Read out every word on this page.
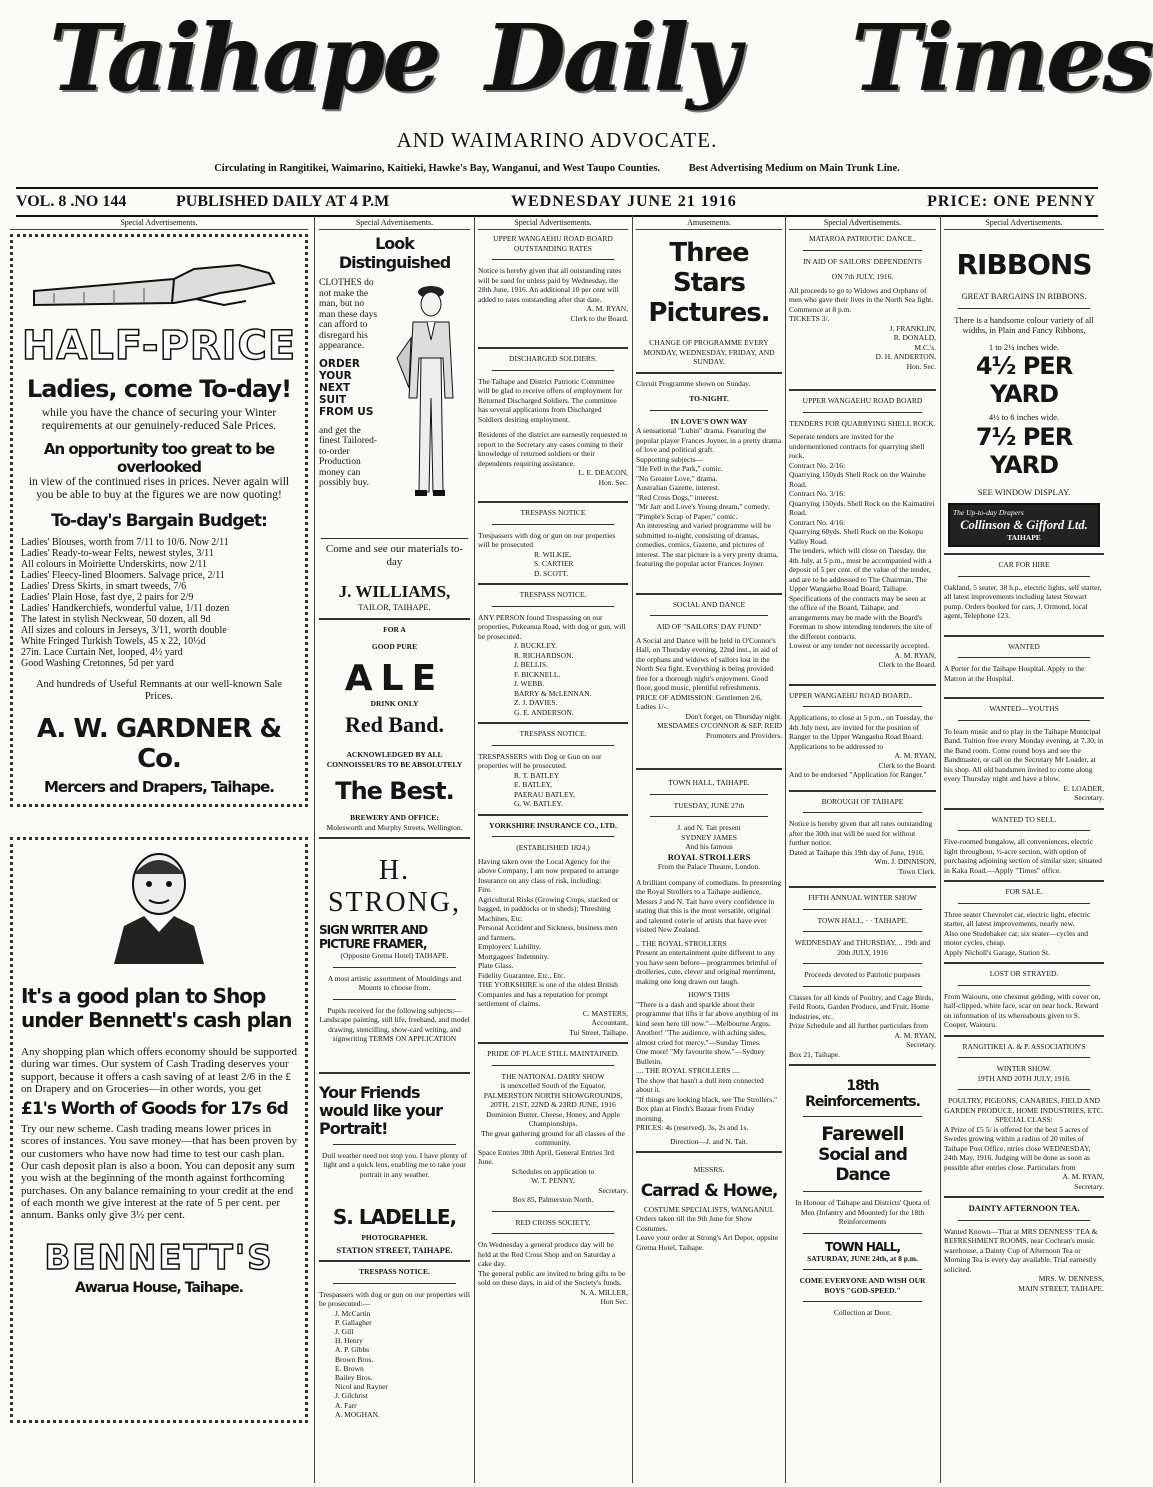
Taihape Daily Times
AND WAIMARINO ADVOCATE.
Circulating in Rangitikei, Waimarino, Kaitieki, Hawke's Bay, Wanganui, and West Taupo Counties.	Best Advertising Medium on Main Trunk Line.
VOL. 8 .NO 144	PUBLISHED DAILY AT 4 P.M	WEDNESDAY JUNE 21 1916	PRICE: ONE PENNY
Special Advertisements.
HALF-PRICE

Ladies, come To-day!

while you have the chance of securing your Winter requirements at our genuinely-reduced Sale Prices.

An opportunity too great to be overlooked

in view of the continued rises in prices. Never again will you be able to buy at the figures we are now quoting!

To-day's Bargain Budget:

Ladies' Blouses, worth from 7/11 to 10/6. Now 2/11

Ladies' Ready-to-wear Felts, newest styles, 3/11

All colours in Moiriette Underskirts, now 2/11

Ladies' Fleecy-lined Bloomers. Salvage price, 2/11

Ladies' Dress Skirts, in smart tweeds, 7/6

Ladies' Plain Hose, fast dye, 2 pairs for 2/9

Ladies' Handkerchiefs, wonderful value, 1/11 dozen

The latest in stylish Neckwear, 50 dozen, all 9d

All sizes and colours in Jerseys, 3/11, worth double

White Fringed Turkish Towels, 45 x 22, 10½d

27in. Lace Curtain Net, looped, 4½ yard

Good Washing Cretonnes, 5d per yard

And hundreds of Useful Remnants at our well-known Sale Prices.

A. W. GARDNER & Co.

Mercers and Drapers, Taihape.

It's a good plan to Shop

under Bennett's cash plan

Any shopping plan which offers economy should be supported during war times. Our system of Cash Trading deserves your support, because it offers a cash saving of at least 2/6 in the £ on Drapery and on Groceries—in other words, you get

£1's Worth of Goods for 17s 6d

Try our new scheme. Cash trading means lower prices in scores of instances. You save money—that has been proven by our customers who have now had time to test our cash plan. Our cash deposit plan is also a boon. You can deposit any sum you wish at the beginning of the month against forthcoming purchases. On any balance remaining to your credit at the end of each month we give interest at the rate of 5 per cent. per annum. Banks only give 3½ per cent.

BENNETT'S

Awarua House, Taihape.

Special Advertisements.

Look Distinguished

CLOTHES do not make the man, but no man these days can afford to disregard his appearance.
ORDER YOUR NEXT SUIT FROM US
and get the finest Tailored-to-order Production money can possibly buy.

Come and see our materials to-day

J. WILLIAMS,

TAILOR, TAIHAPE.

FOR A

GOOD PURE

ALE

DRINK ONLY

Red Band.

ACKNOWLEDGED BY ALL CONNOISSEURS TO BE ABSOLUTELY

The Best.

BREWERY AND OFFICE:

Molesworth and Murphy Streets, Wellington.

H. STRONG,

SIGN WRITER AND PICTURE FRAMER,

(Opposite Gretna Hotel) TAIHAPE.

A most artistic assortment of Mouldings and Mounts to choose from.

Pupils received for the following subjects:—Landscape painting, still life, freehand, and model drawing, stencilling, show-card writing, and signwriting TERMS ON APPLICATION

Your Friends would like your Portrait!

Dull weather need not stop you. I have plenty of light and a quick lens, enabling me to take your portrait in any weather.

S. LADELLE,

PHOTOGRAPHER.

STATION STREET, TAIHAPE.

TRESPASS NOTICE.

Trespassers with dog or gun on our properties will be prosecuted:—

J. McCartin

P. Gallagher

J. Gill

H. Henry

A. P. Gibbs

Brown Bros.

E. Brown

Bailey Bros.

Nicol and Rayner

J. Gilchrist

A. Farr

A. MOGHAN.

Special Advertisements.

UPPER WANGAEHU ROAD BOARD

OUTSTANDING RATES

Notice is hereby given that all outstanding rates will be sued for unless paid by Wednesday, the 28th June, 1916. An additional 10 per cent will added to rates outstanding after that date.

A. M. RYAN,

Clerk to the Board.

DISCHARGED SOLDIERS.

The Taihape and District Patriotic Committee will be glad to receive offers of employment for Returned Discharged Soldiers. The committee has several applications from Discharged Soldiers desiring employment.

Residents of the district are earnestly requested to report to the Secretary any cases coming to their knowledge of returned soldiers or their dependents requiring assistance.

L. E. DEACON,

Hon. Sec.

TRESPASS NOTICE

Trespassers with dog or gun on our properties will be prosecuted

R. WILKIE,

S. CARTIER

D. SCOTT.

TRESPASS NOTICE.

ANY PERSON found Trespassing on our properties, Pukeanua Road, with dog or gun, will be prosecuted.

J. BUCKLEY.

R. RICHARDSON.

J. BELLIS.

F. BICKNELL.

J. WEBB.

BARRY & McLENNAN.

Z. J. DAVIES.

G. E. ANDERSON.

TRESPASS NOTICE.

TRESPASSERS with Dog or Gun on our properties will be prosecuted.

R. T. BATLEY

E. BATLEY,

PAERAU BATLEY,

G. W. BATLEY.

YORKSHIRE INSURANCE CO., LTD.

(ESTABLISHED 1824.)

Having taken over the Local Agency for the above Company, I am now prepared to arrange Insurance on any class of risk, including:

Fire.

Agricultural Risks (Growing Crops, stacked or bagged, in paddocks or in sheds); Threshing Machines, Etc.

Personal Accident and Sickness, business men and farmers.

Employers' Liability.

Mortgagees' Indemnity.

Plate Glass.

Fidelity Guarantee, Etc., Etc.

THE YORKSHIRE is one of the oldest British Companies and has a reputation for prompt settlement of claims.

C. MASTERS,

Accountant,

Tui Street, Taihape.

PRIDE OF PLACE STILL MAINTAINED.

THE NATIONAL DAIRY SHOW

is unexcelled South of the Equator, PALMERSTON NORTH SHOWGROUNDS, 20TH, 21ST, 22ND & 23RD JUNE, 1916

Dominion Butter, Cheese, Honey, and Apple Championships.

The great gathering ground for all classes of the community.

Space Entries 30th April, General Entries 3rd June.

Schedules on application to

W. T. PENNY,

Secretary.

Box 85, Palmerston North.

RED CROSS SOCIETY.

On Wednesday a general produce day will be held at the Red Cross Shop and on Saturday a cake day.

The general public are invited to bring gifts to be sold on these days, in aid of the Society's funds.

N. A. MILLER,

Hon Sec.

Amusements.

Three Stars Pictures.

CHANGE OF PROGRAMME EVERY MONDAY, WEDNESDAY, FRIDAY, AND SUNDAY.

Circuit Programme shown on Sunday.

TO-NIGHT.

IN LOVE'S OWN WAY

A sensational "Lubin" drama. Featuring the popular player Frances Joyner, in a pretty drama of love and political graft.

Supporting subjects—

"He Fell in the Park," comic.

"No Greater Love," drama.

Australian Gazette, interest.

"Red Cross Dogs," interest.

"Mr Jarr and Love's Young dream," comedy.

"Pimple's Scrap of Paper," comic.

An interesting and varied programme will be submitted to-night, consisting of dramas, comedies, comics, Gazette, and pictures of interest. The star picture is a very pretty drama, featuring the popular actor Frances Joyner.

SOCIAL AND DANCE

AID OF "SAILORS' DAY FUND"

A Social and Dance will be held in O'Connor's Hall, on Thursday evening, 22nd inst., in aid of the orphans and widows of sailors lost in the North Sea fight. Everything is being provided free for a thorough night's enjoyment. Good floor, good music, plentiful refreshments.

PRICE OF ADMISSION: Gentlemen 2/6, Ladies 1/-.

Don't forget, on Thursday night.

MESDAMES O'CONNOR & SEP. REID

Promoters and Providers.

TOWN HALL, TAIHAPE.

TUESDAY, JUNE 27th

J. and N. Tait present

SYDNEY JAMES

And his famous

ROYAL STROLLERS

From the Palace Theatre, London.

A brilliant company of comedians. In presenting the Royal Strollers to a Taihape audience, Messrs J and N. Tait have every confidence in stating that this is the most versatile, original and talented coterie of artists that have ever visited New Zealand.

.. THE ROYAL STROLLERS

Present an entertainment quite different to any you have seen before—programmes brimful of drolleries, cute, clever and original merriment, making one long drawn out laugh.

HOW'S THIS

"There is a dash and sparkle about their programme that lifts it far above anything of its kind seen here till now."—Melbourne Argus.

Another! "The audience, with aching sides, almost cried for mercy."—Sunday Times.

One more! "My favourite show."—Sydney Bulletin.

.... THE ROYAL STROLLERS ....

The show that hasn't a dull item connected about it.

"If things are looking black, see The Strollers."

Box plan at Finch's Bazaar from Friday morning.

PRICES: 4s (reserved). 3s, 2s and 1s.

Direction—J. and N. Tait.

MESSRS.

Carrad & Howe,

COSTUME SPECIALISTS, WANGANUI.

Orders taken till the 9th June for Show Costumes.

Leave your order at Strong's Art Depot, oppsite Gretna Hotel, Taihape.

Special Advertisements.

MATAROA PATRIOTIC DANCE..

IN AID OF SAILORS' DEPENDENTS

ON 7th JULY, 1916.

All proceeds to go to Widows and Orphans of men who gave their lives in the North Sea fight.

Commence at 8 p.m.

TICKETS 3/.

J. FRANKLIN,

R. DONALD,

M.C.'s.

D. H. ANDERTON,

Hon. Sec.

UPPER WANGAEHU ROAD BOARD

TENDERS FOR QUARRYING SHELL ROCK.

Seperate tenders are invited for the undermentioned contracts for quarrying shell rock.

Contract No. 2/16:

Quarrying 150yds Shell Rock on the Wairube Road.

Contract No. 3/16:

Quarrying 150yds. Shell Rock on the Kaimatirei Road.

Contract No. 4/16:

Quarrying 60yds. Shell Rock on the Kokopu Valley Road.

The tenders, which will close on Tuesday, the 4th July, at 5 p.m., must be accompanied with a deposit of 5 per cent. of the value of the tender, and are to be addressed to The Chairman, The Upper Wangaehu Road Board, Taihape.

Specifications of the contracts may be seen at the office of the Board, Taihape, and arrangements may be made with the Board's Foreman to show intending tenderers the site of the different contracts.

Lowest or any tender not necessarily accepted.

A. M. RYAN,

Clerk to the Board.

UPPER WANGAEHU ROAD BOARD..

Applications, to close at 5 p.m., on Tuesday, the 4th July next, are invited for the position of Ranger to the Upper Wangaehu Road Board. Applications to be addressed to

A. M. RYAN,

Clerk to the Board.

And to be endorsed "Application for Ranger."

BOROUGH OF TAIHAPE

Notice is hereby given that all rates outstanding after the 30th inst will be sued for without further notice.

Dated at Taihape this 19th day of June, 1916.

Wm. J. DINNISON,

Town Clerk.

FIFTH ANNUAL WINTER SHOW

TOWN HALL, · · TAIHAPE.

WEDNESDAY and THURSDAY, .. 19th and 20th JULY, 1916

Proceeds devoted to Patriotic purposes

Classes for all kinds of Poultry, and Cage Birds, Feild Roots, Garden Produce, and Fruit. Home Industries, etc.

Prize Schedule and all further particulars from

A. M. RYAN,

Secretary.

Box 21, Taihape.

18th Reinforcements.

Farewell

Social and Dance

In Honour of Taihape and Districts' Quota of Men (Infantry and Mounted) for the 18th Reinforcements

TOWN HALL,

SATURDAY, JUNE 24th, at 8 p.m.

COME EVERYONE AND WISH OUR BOYS "GOD-SPEED."

Collection at Door.

Special Advertisements.

RIBBONS

GREAT BARGAINS IN RIBBONS.

There is a handsome colour variety of all widths, in Plain and Fancy Ribbons,

1 to 2¼ inches wide.

4½ PER YARD

4½ to 6 inches wide.

7½ PER YARD

SEE WINDOW DISPLAY.

The Up-to-day Drapers

Collinson & Gifford Ltd.

TAIHAPE

CAR FOR HIRE

Oakland, 5 seater, 38 h.p., electric lights, self starter, all latest improvements including latest Stewart pump. Orders booked for cars, J. Ormond, local agent, Telephone 123.

WANTED

A Porter for the Taihape Hospital. Apply to the Matron at the Hospital.

WANTED—YOUTHS

To learn music and to play in the Taihape Municipal Band. Tuition free every Monday evening, at 7.30, in the Band room. Come round boys and see the Bandmaster, or call on the Secretary Mr Loader, at his shop. All old bandsmen invited to come along every Thursday night and have a blow.

E. LOADER,

Secretary.

WANTED TO SELL.

Five-roomed bungalow, all conveniences, electric light throughout, ½-acre section, with option of purchasing adjoining section of similar size; situated in Kaka Road.—Apply "Times" office.

FOR SALE.

Three seater Chevrolet car, electric light, electric starter, all latest improvements, nearly new.

Also one Studebaker car, six seater—cycles and motor cycles, cheap.

Apply Nicholl's Garage, Station St.

LOST OR STRAYED.

From Waiouru, one chestnut gelding, with cover on, half-clipped, white face, scar on near hock. Reward on information of its whereabouts given to S. Cooper, Waiouru.

RANGITIKEI A. & P. ASSOCIATION'S

WINTER SHOW.

19TH AND 20TH JULY, 1916.

POULTRY, PIGEONS, CANARIES, FIELD AND GARDEN PRODUCE, HOME INDUSTRIES, ETC.

SPECIAL CLASS:

A Prize of £5 5/ is offered for the best 5 acres of Swedes growing within a radius of 20 miles of Taihape Post Office. ntries close WEDNESDAY, 24th May, 1916. Judging will be done as soon as possible after entries close. Particulars from

A. M. RYAN,

Secretary.

DAINTY AFTERNOON TEA.

Wanted Known—That at MRS DENNESS' TEA & REFRESHMENT ROOMS, near Cochran's music warehouse, a Dainty Cup of Afternoon Tea or Morning Tea is every day available. Trial earnestly solicited.

MRS. W. DENNESS,

MAIN STREET, TAIHAPE.
